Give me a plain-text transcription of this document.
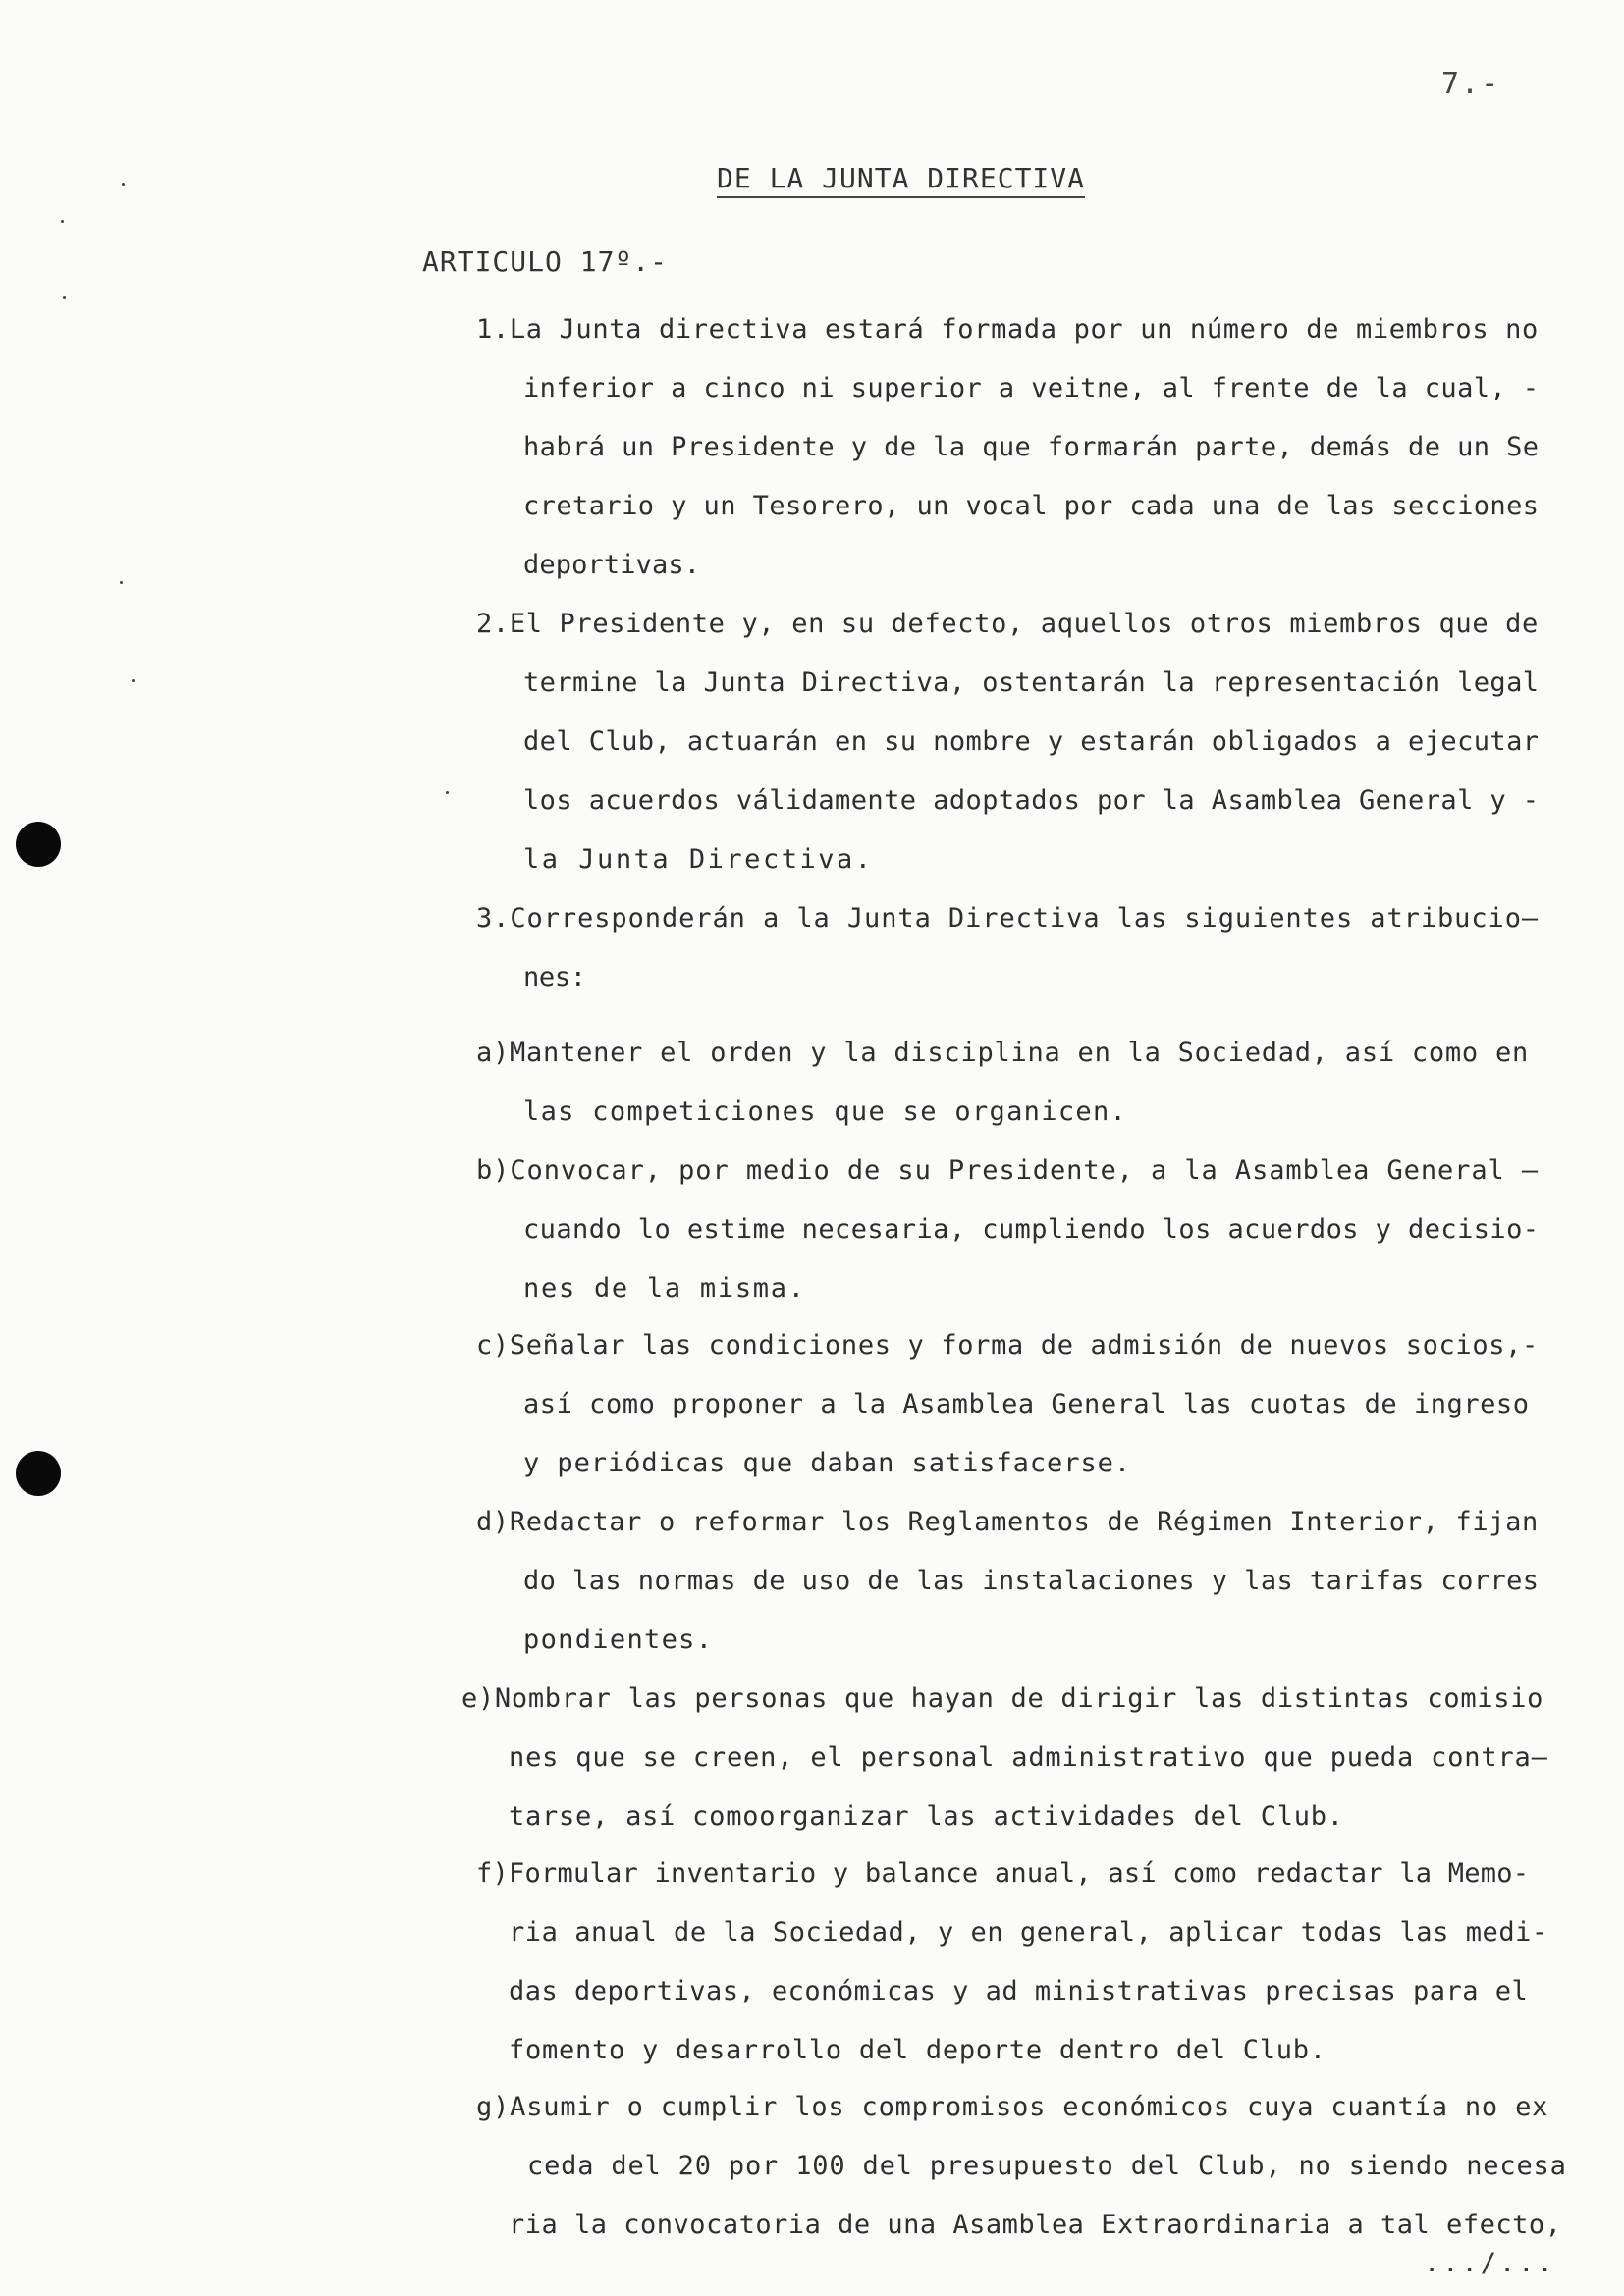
7.-
DE LA JUNTA DIRECTIVA
ARTICULO 17º.-
1.La Junta directiva estará formada por un número de miembros no
inferior a cinco ni superior a veitne, al frente de la cual, -
habrá un Presidente y de la que formarán parte, demás de un Se
cretario y un Tesorero, un vocal por cada una de las secciones
deportivas.
2.El Presidente y, en su defecto, aquellos otros miembros que de
termine la Junta Directiva, ostentarán la representación legal
del Club, actuarán en su nombre y estarán obligados a ejecutar
los acuerdos válidamente adoptados por la Asamblea General y -
la Junta Directiva.
3.Corresponderán a la Junta Directiva las siguientes atribucio—
nes:
a)Mantener el orden y la disciplina en la Sociedad, así como en
las competiciones que se organicen.
b)Convocar, por medio de su Presidente, a la Asamblea General —
cuando lo estime necesaria, cumpliendo los acuerdos y decisio-
nes de la misma.
c)Señalar las condiciones y forma de admisión de nuevos socios,-
así como proponer a la Asamblea General las cuotas de ingreso
y periódicas que daban satisfacerse.
d)Redactar o reformar los Reglamentos de Régimen Interior, fijan
do las normas de uso de las instalaciones y las tarifas corres
pondientes.
e)Nombrar las personas que hayan de dirigir las distintas comisio
nes que se creen, el personal administrativo que pueda contra—
tarse, así comoorganizar las actividades del Club.
f)Formular inventario y balance anual, así como redactar la Memo-
ria anual de la Sociedad, y en general, aplicar todas las medi-
das deportivas, económicas y ad ministrativas precisas para el
fomento y desarrollo del deporte dentro del Club.
g)Asumir o cumplir los compromisos económicos cuya cuantía no ex
ceda del 20 por 100 del presupuesto del Club, no siendo necesa
ria la convocatoria de una Asamblea Extraordinaria a tal efecto,
.../...
